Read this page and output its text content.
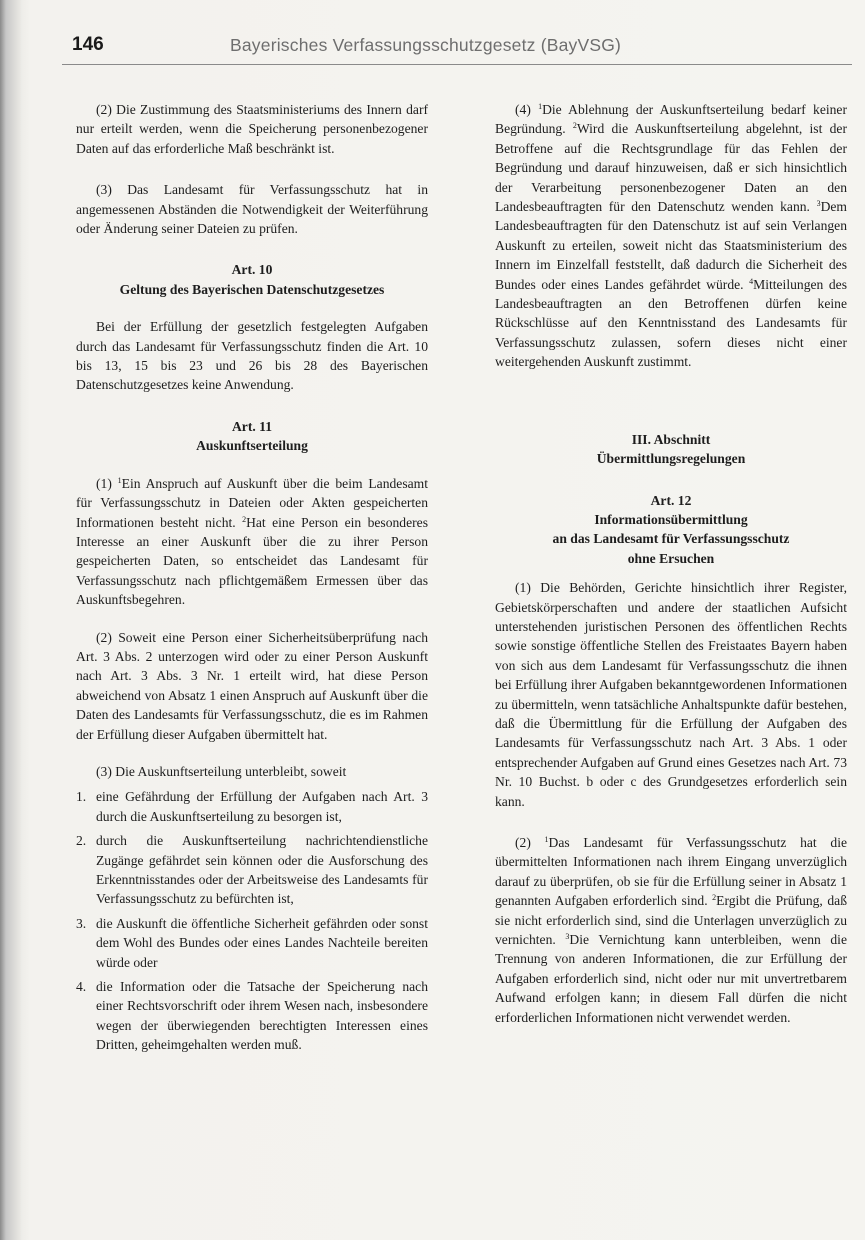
146	Bayerisches Verfassungsschutzgesetz (BayVSG)

(2) Die Zustimmung des Staatsministeriums des Innern darf nur erteilt werden, wenn die Speicherung personenbezogener Daten auf das erforderliche Maß beschränkt ist.

(3) Das Landesamt für Verfassungsschutz hat in angemessenen Abständen die Notwendigkeit der Weiterführung oder Änderung seiner Dateien zu prüfen.

Art. 10

Geltung des Bayerischen Datenschutzgesetzes

Bei der Erfüllung der gesetzlich festgelegten Aufgaben durch das Landesamt für Verfassungsschutz finden die Art. 10 bis 13, 15 bis 23 und 26 bis 28 des Bayerischen Datenschutzgesetzes keine Anwendung.

Art. 11

Auskunftserteilung

(1) $^1$Ein Anspruch auf Auskunft über die beim Landesamt für Verfassungsschutz in Dateien oder Akten gespeicherten Informationen besteht nicht. $^2$Hat eine Person ein besonderes Interesse an einer Auskunft über die zu ihrer Person gespeicherten Daten, so entscheidet das Landesamt für Verfassungsschutz nach pflichtgemäßem Ermessen über das Auskunftsbegehren.

(2) Soweit eine Person einer Sicherheitsüberprüfung nach Art. 3 Abs. 2 unterzogen wird oder zu einer Person Auskunft nach Art. 3 Abs. 3 Nr. 1 erteilt wird, hat diese Person abweichend von Absatz 1 einen Anspruch auf Auskunft über die Daten des Landesamts für Verfassungsschutz, die es im Rahmen der Erfüllung dieser Aufgaben übermittelt hat.

(3) Die Auskunftserteilung unterbleibt, soweit

1. eine Gefährdung der Erfüllung der Aufgaben nach Art. 3 durch die Auskunftserteilung zu besorgen ist,
2. durch die Auskunftserteilung nachrichtendienstliche Zugänge gefährdet sein können oder die Ausforschung des Erkenntnisstandes oder der Arbeitsweise des Landesamts für Verfassungsschutz zu befürchten ist,
3. die Auskunft die öffentliche Sicherheit gefährden oder sonst dem Wohl des Bundes oder eines Landes Nachteile bereiten würde oder
4. die Information oder die Tatsache der Speicherung nach einer Rechtsvorschrift oder ihrem Wesen nach, insbesondere wegen der überwiegenden berechtigten Interessen eines Dritten, geheimgehalten werden muß.

(4) $^1$Die Ablehnung der Auskunftserteilung bedarf keiner Begründung. $^2$Wird die Auskunftserteilung abgelehnt, ist der Betroffene auf die Rechtsgrundlage für das Fehlen der Begründung und darauf hinzuweisen, daß er sich hinsichtlich der Verarbeitung personenbezogener Daten an den Landesbeauftragten für den Datenschutz wenden kann. $^3$Dem Landesbeauftragten für den Datenschutz ist auf sein Verlangen Auskunft zu erteilen, soweit nicht das Staatsministerium des Innern im Einzelfall feststellt, daß dadurch die Sicherheit des Bundes oder eines Landes gefährdet würde. $^4$Mitteilungen des Landesbeauftragten an den Betroffenen dürfen keine Rückschlüsse auf den Kenntnisstand des Landesamts für Verfassungsschutz zulassen, sofern dieses nicht einer weitergehenden Auskunft zustimmt.

III. Abschnitt

Übermittlungsregelungen

Art. 12

Informationsübermittlung

an das Landesamt für Verfassungsschutz

ohne Ersuchen

(1) Die Behörden, Gerichte hinsichtlich ihrer Register, Gebietskörperschaften und andere der staatlichen Aufsicht unterstehenden juristischen Personen des öffentlichen Rechts sowie sonstige öffentliche Stellen des Freistaates Bayern haben von sich aus dem Landesamt für Verfassungsschutz die ihnen bei Erfüllung ihrer Aufgaben bekanntgewordenen Informationen zu übermitteln, wenn tatsächliche Anhaltspunkte dafür bestehen, daß die Übermittlung für die Erfüllung der Aufgaben des Landesamts für Verfassungsschutz nach Art. 3 Abs. 1 oder entsprechender Aufgaben auf Grund eines Gesetzes nach Art. 73 Nr. 10 Buchst. b oder c des Grundgesetzes erforderlich sein kann.

(2) $^1$Das Landesamt für Verfassungsschutz hat die übermittelten Informationen nach ihrem Eingang unverzüglich darauf zu überprüfen, ob sie für die Erfüllung seiner in Absatz 1 genannten Aufgaben erforderlich sind. $^2$Ergibt die Prüfung, daß sie nicht erforderlich sind, sind die Unterlagen unverzüglich zu vernichten. $^3$Die Vernichtung kann unterbleiben, wenn die Trennung von anderen Informationen, die zur Erfüllung der Aufgaben erforderlich sind, nicht oder nur mit unvertretbarem Aufwand erfolgen kann; in diesem Fall dürfen die nicht erforderlichen Informationen nicht verwendet werden.
